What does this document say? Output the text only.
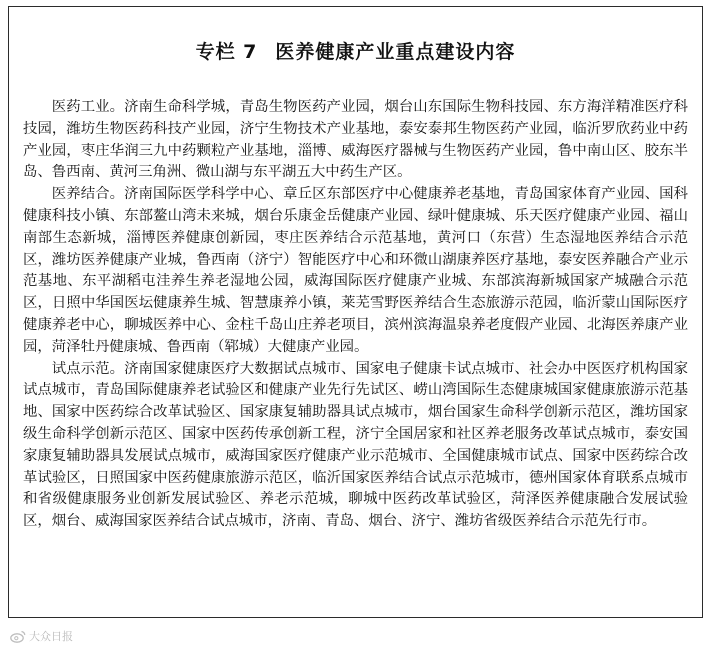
专栏 7 医养健康产业重点建设内容

医药工业。济南生命科学城，青岛生物医药产业园，烟台山东国际生物科技园、东方海洋精准医疗科技园，潍坊生物医药科技产业园，济宁生物技术产业基地，泰安泰邦生物医药产业园，临沂罗欣药业中药产业园，枣庄华润三九中药颗粒产业基地，淄博、威海医疗器械与生物医药产业园，鲁中南山区、胶东半岛、鲁西南、黄河三角洲、微山湖与东平湖五大中药生产区。

医养结合。济南国际医学科学中心、章丘区东部医疗中心健康养老基地，青岛国家体育产业园、国科健康科技小镇、东部鳌山湾未来城，烟台乐康金岳健康产业园、绿叶健康城、乐天医疗健康产业园、福山南部生态新城，淄博医养健康创新园，枣庄医养结合示范基地，黄河口（东营）生态湿地医养结合示范区，潍坊医养健康产业城，鲁西南（济宁）智能医疗中心和环微山湖康养医疗基地，泰安医养融合产业示范基地、东平湖稻屯洼养生养老湿地公园，威海国际医疗健康产业城、东部滨海新城国家产城融合示范区，日照中华国医坛健康养生城、智慧康养小镇，莱芜雪野医养结合生态旅游示范园，临沂蒙山国际医疗健康养老中心，聊城医养中心、金柱千岛山庄养老项目，滨州滨海温泉养老度假产业园、北海医养康产业园，菏泽牡丹健康城、鲁西南（郓城）大健康产业园。

试点示范。济南国家健康医疗大数据试点城市、国家电子健康卡试点城市、社会办中医医疗机构国家试点城市，青岛国际健康养老试验区和健康产业先行先试区、崂山湾国际生态健康城国家健康旅游示范基地、国家中医药综合改革试验区、国家康复辅助器具试点城市，烟台国家生命科学创新示范区，潍坊国家级生命科学创新示范区、国家中医药传承创新工程，济宁全国居家和社区养老服务改革试点城市，泰安国家康复辅助器具发展试点城市，威海国家医疗健康产业示范城市、全国健康城市试点、国家中医药综合改革试验区，日照国家中医药健康旅游示范区，临沂国家医养结合试点示范城市，德州国家体育联系点城市和省级健康服务业创新发展试验区、养老示范城，聊城中医药改革试验区，菏泽医养健康融合发展试验区，烟台、威海国家医养结合试点城市，济南、青岛、烟台、济宁、潍坊省级医养结合示范先行市。

大众日报
